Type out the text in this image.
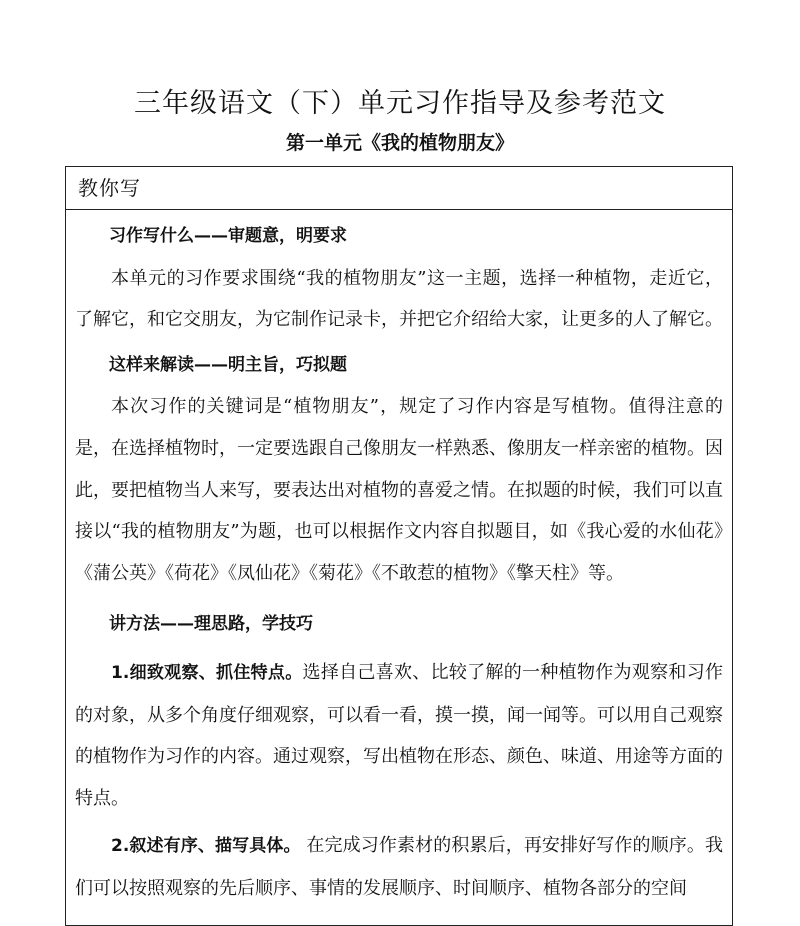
三年级语文（下）单元习作指导及参考范文
第一单元《我的植物朋友》
教你写

习作写什么——审题意，明要求

本单元的习作要求围绕“我的植物朋友”这一主题，选择一种植物，走近它，了解它，和它交朋友，为它制作记录卡，并把它介绍给大家，让更多的人了解它。

这样来解读——明主旨，巧拟题

本次习作的关键词是“植物朋友”，规定了习作内容是写植物。值得注意的是，在选择植物时，一定要选跟自己像朋友一样熟悉、像朋友一样亲密的植物。因此，要把植物当人来写，要表达出对植物的喜爱之情。在拟题的时候，我们可以直接以“我的植物朋友”为题，也可以根据作文内容自拟题目，如《我心爱的水仙花》《蒲公英》《荷花》《凤仙花》《菊花》《不敢惹的植物》《擎天柱》等。

讲方法——理思路，学技巧

1.细致观察、抓住特点。选择自己喜欢、比较了解的一种植物作为观察和习作的对象，从多个角度仔细观察，可以看一看，摸一摸，闻一闻等。可以用自己观察的植物作为习作的内容。通过观察，写出植物在形态、颜色、味道、用途等方面的特点。

2.叙述有序、描写具体。 在完成习作素材的积累后，再安排好写作的顺序。我们可以按照观察的先后顺序、事情的发展顺序、时间顺序、植物各部分的空间
